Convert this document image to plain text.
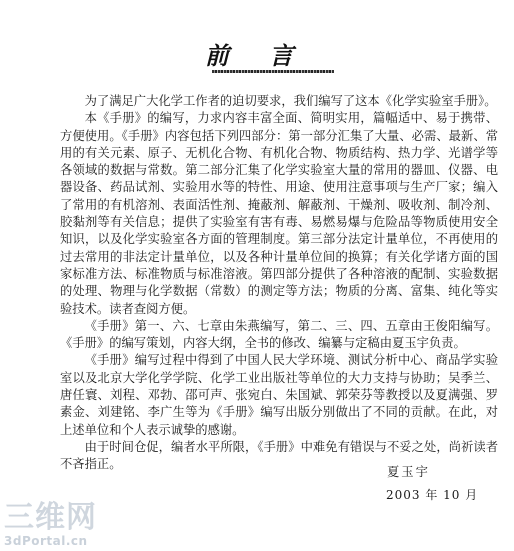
前 言

为了满足广大化学工作者的迫切要求，我们编写了这本《化学实验室手册》。

本《手册》的编写，力求内容丰富全面、简明实用，篇幅适中、易于携带、方便使用。《手册》内容包括下列四部分：第一部分汇集了大量、必需、最新、常用的有关元素、原子、无机化合物、有机化合物、物质结构、热力学、光谱学等各领域的数据与常数。第二部分汇集了化学实验室大量的常用的器皿、仪器、电器设备、药品试剂、实验用水等的特性、用途、使用注意事项与生产厂家；编入了常用的有机溶剂、表面活性剂、掩蔽剂、解蔽剂、干燥剂、吸收剂、制冷剂、胶黏剂等有关信息；提供了实验室有害有毒、易燃易爆与危险品等物质使用安全知识，以及化学实验室各方面的管理制度。第三部分法定计量单位，不再使用的过去常用的非法定计量单位，以及各种计量单位间的换算；有关化学诸方面的国家标准方法、标准物质与标准溶液。第四部分提供了各种溶液的配制、实验数据的处理、物理与化学数据（常数）的测定等方法；物质的分离、富集、纯化等实验技术。读者查阅方便。

《手册》第一、六、七章由朱燕编写，第二、三、四、五章由王俊阳编写。《手册》的编写策划，内容大纲，全书的修改、编纂与定稿由夏玉宇负责。

《手册》编写过程中得到了中国人民大学环境、测试分析中心、商品学实验室以及北京大学化学学院、化学工业出版社等单位的大力支持与协助；吴季兰、唐任寰、刘程、邓勃、邵可声、张宛白、朱国斌、郭荣芬等教授以及夏满强、罗素金、刘建铭、李广生等为《手册》编写出版分别做出了不同的贡献。在此，对上述单位和个人表示诚挚的感谢。

由于时间仓促，编者水平所限，《手册》中难免有错误与不妥之处，尚祈读者不吝指正。

夏玉宇
2003 年 10 月
三维网
3dPortal.cn
